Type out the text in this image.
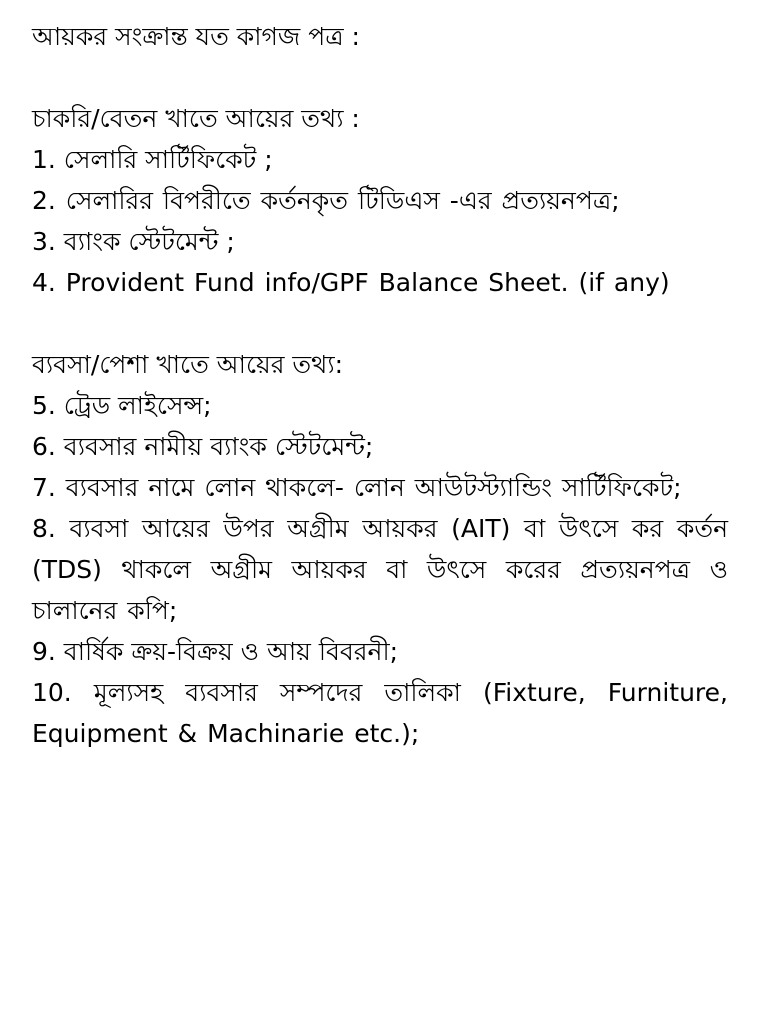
আয়কর সংক্রান্ত যত কাগজ পত্র :
চাকরি/বেতন খাতে আয়ের তথ্য :
1. সেলারি সার্টিফিকেট ;
2. সেলারির বিপরীতে কর্তনকৃত টিডিএস -এর প্রত্যয়নপত্র;
3. ব্যাংক স্টেটমেন্ট ;
4. Provident Fund info/GPF Balance Sheet. (if any)
ব্যবসা/পেশা খাতে আয়ের তথ্য:
5. ট্রেড লাইসেন্স;
6. ব্যবসার নামীয় ব্যাংক স্টেটমেন্ট;
7. ব্যবসার নামে লোন থাকলে- লোন আউটস্ট্যান্ডিং সার্টিফিকেট;
8. ব্যবসা আয়ের উপর অগ্রীম আয়কর (AIT) বা উৎসে কর কর্তন (TDS) থাকলে অগ্রীম আয়কর বা উৎসে করের প্রত্যয়নপত্র ও চালানের কপি;
9. বার্ষিক ক্রয়-বিক্রয় ও আয় বিবরনী;
10. মূল্যসহ ব্যবসার সম্পদের তালিকা (Fixture, Furniture, Equipment & Machinarie etc.);
